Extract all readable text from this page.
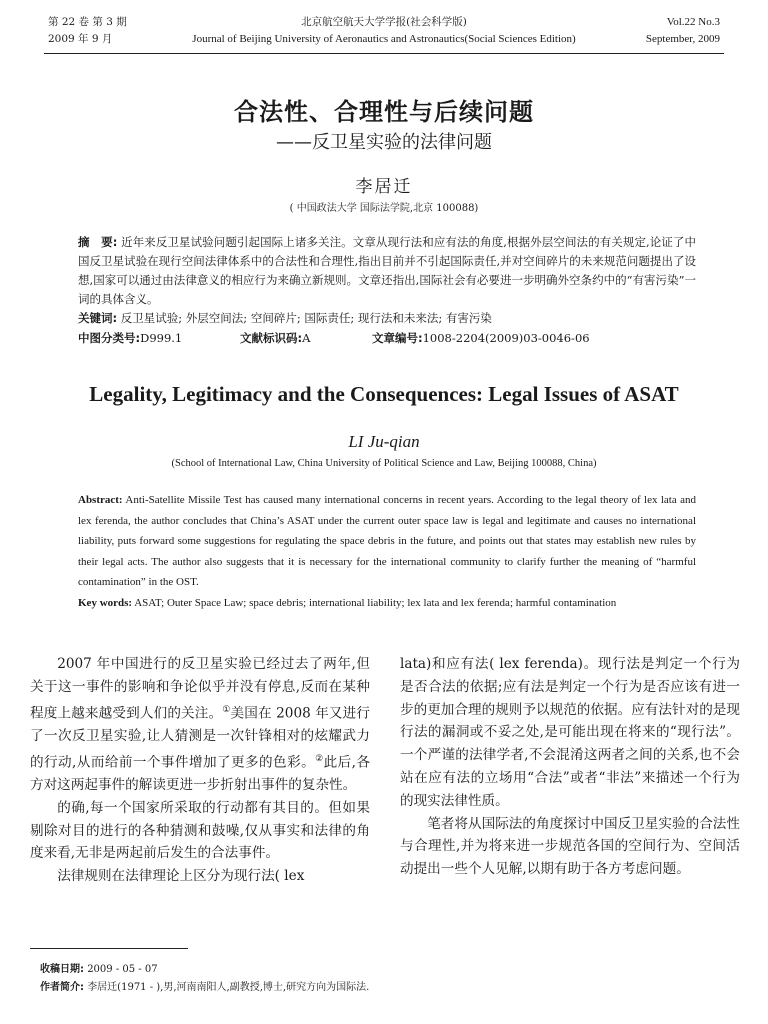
第 22 卷 第 3 期
2009 年 9 月
北京航空航天大学学报(社会科学版)
Journal of Beijing University of Aeronautics and Astronautics(Social Sciences Edition)
Vol.22 No.3
September, 2009
合法性、合理性与后续问题
——反卫星实验的法律问题
李居迁
( 中国政法大学 国际法学院,北京 100088)
摘　要: 近年来反卫星试验问题引起国际上诸多关注。文章从现行法和应有法的角度,根据外层空间法的有关规定,论证了中国反卫星试验在现行空间法律体系中的合法性和合理性,指出目前并不引起国际责任,并对空间碎片的未来规范问题提出了设想,国家可以通过由法律意义的相应行为来确立新规则。文章还指出,国际社会有必要进一步明确外空条约中的“有害污染”一词的具体含义。
关键词: 反卫星试验; 外层空间法; 空间碎片; 国际责任; 现行法和未来法; 有害污染
中图分类号:D999.1	文献标识码:A	文章编号:1008-2204(2009)03-0046-06
Legality, Legitimacy and the Consequences: Legal Issues of ASAT
LI Ju-qian
(School of International Law, China University of Political Science and Law, Beijing 100088, China)
Abstract: Anti-Satellite Missile Test has caused many international concerns in recent years. According to the legal theory of lex lata and lex ferenda, the author concludes that China’s ASAT under the current outer space law is legal and legitimate and causes no international liability, puts forward some suggestions for regulating the space debris in the future, and points out that states may establish new rules by their legal acts. The author also suggests that it is necessary for the international community to clarify further the meaning of “harmful contamination” in the OST.
Key words: ASAT; Outer Space Law; space debris; international liability; lex lata and lex ferenda; harmful contamination

2007 年中国进行的反卫星实验已经过去了两年,但关于这一事件的影响和争论似乎并没有停息,反而在某种程度上越来越受到人们的关注。①美国在 2008 年又进行了一次反卫星实验,让人猜测是一次针锋相对的炫耀武力的行动,从而给前一个事件增加了更多的色彩。②此后,各方对这两起事件的解读更进一步折射出事件的复杂性。

的确,每一个国家所采取的行动都有其目的。但如果剔除对目的进行的各种猜测和鼓噪,仅从事实和法律的角度来看,无非是两起前后发生的合法事件。

法律规则在法律理论上区分为现行法( lex

lata)和应有法( lex ferenda)。现行法是判定一个行为是否合法的依据;应有法是判定一个行为是否应该有进一步的更加合理的规则予以规范的依据。应有法针对的是现行法的漏洞或不妥之处,是可能出现在将来的“现行法”。一个严谨的法律学者,不会混淆这两者之间的关系,也不会站在应有法的立场用“合法”或者“非法”来描述一个行为的现实法律性质。

笔者将从国际法的角度探讨中国反卫星实验的合法性与合理性,并为将来进一步规范各国的空间行为、空间活动提出一些个人见解,以期有助于各方考虑问题。

收稿日期: 2009 - 05 - 07
作者简介: 李居迁(1971 - ),男,河南南阳人,副教授,博士,研究方向为国际法.
